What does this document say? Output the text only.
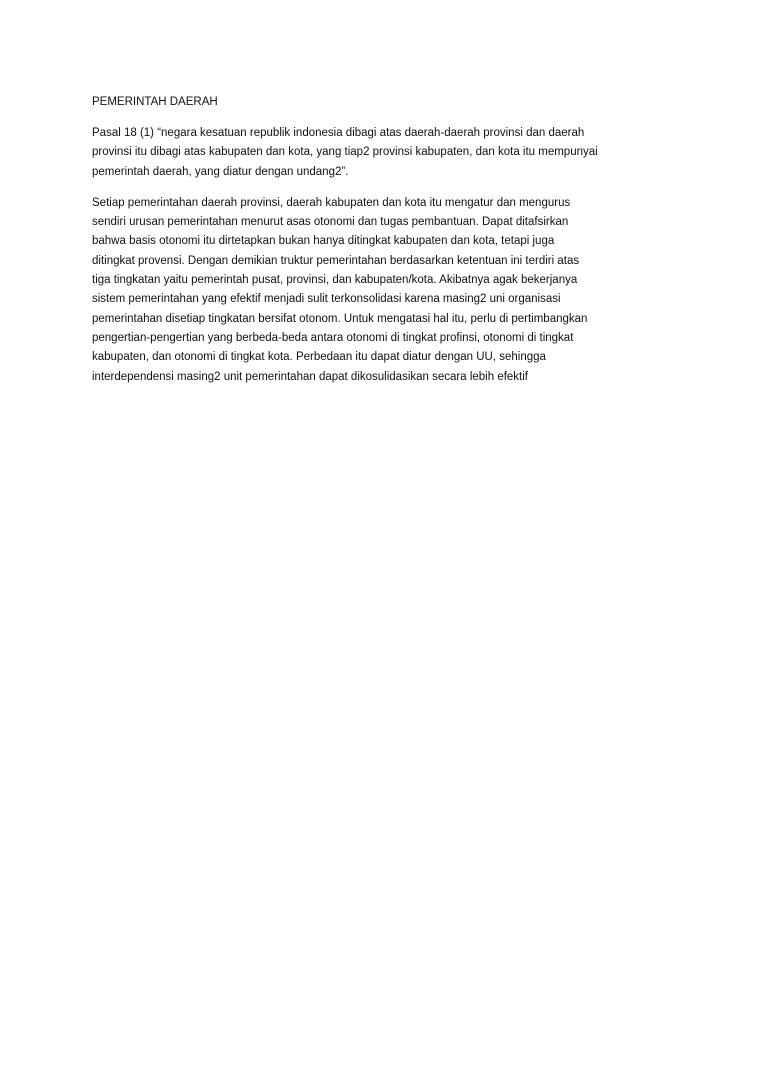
PEMERINTAH DAERAH

Pasal 18 (1) “negara kesatuan republik indonesia dibagi atas daerah-daerah provinsi dan daerah
provinsi itu dibagi atas kabupaten dan kota, yang tiap2 provinsi kabupaten, dan kota itu mempunyai
pemerintah daerah, yang diatur dengan undang2”.
Setiap pemerintahan daerah provinsi, daerah kabupaten dan kota itu mengatur dan mengurus
sendiri urusan pemerintahan menurut asas otonomi dan tugas pembantuan. Dapat ditafsirkan
bahwa basis otonomi itu dirtetapkan bukan hanya ditingkat kabupaten dan kota, tetapi juga
ditingkat provensi. Dengan demikian truktur pemerintahan berdasarkan ketentuan ini terdiri atas
tiga tingkatan yaitu pemerintah pusat, provinsi, dan kabupaten/kota. Akibatnya agak bekerjanya
sistem pemerintahan yang efektif menjadi sulit terkonsolidasi karena masing2 uni organisasi
pemerintahan disetiap tingkatan bersifat otonom. Untuk mengatasi hal itu, perlu di pertimbangkan
pengertian-pengertian yang berbeda-beda antara otonomi di tingkat profinsi, otonomi di tingkat
kabupaten, dan otonomi di tingkat kota. Perbedaan itu dapat diatur dengan UU, sehingga
interdependensi masing2 unit pemerintahan dapat dikosulidasikan secara lebih efektif
